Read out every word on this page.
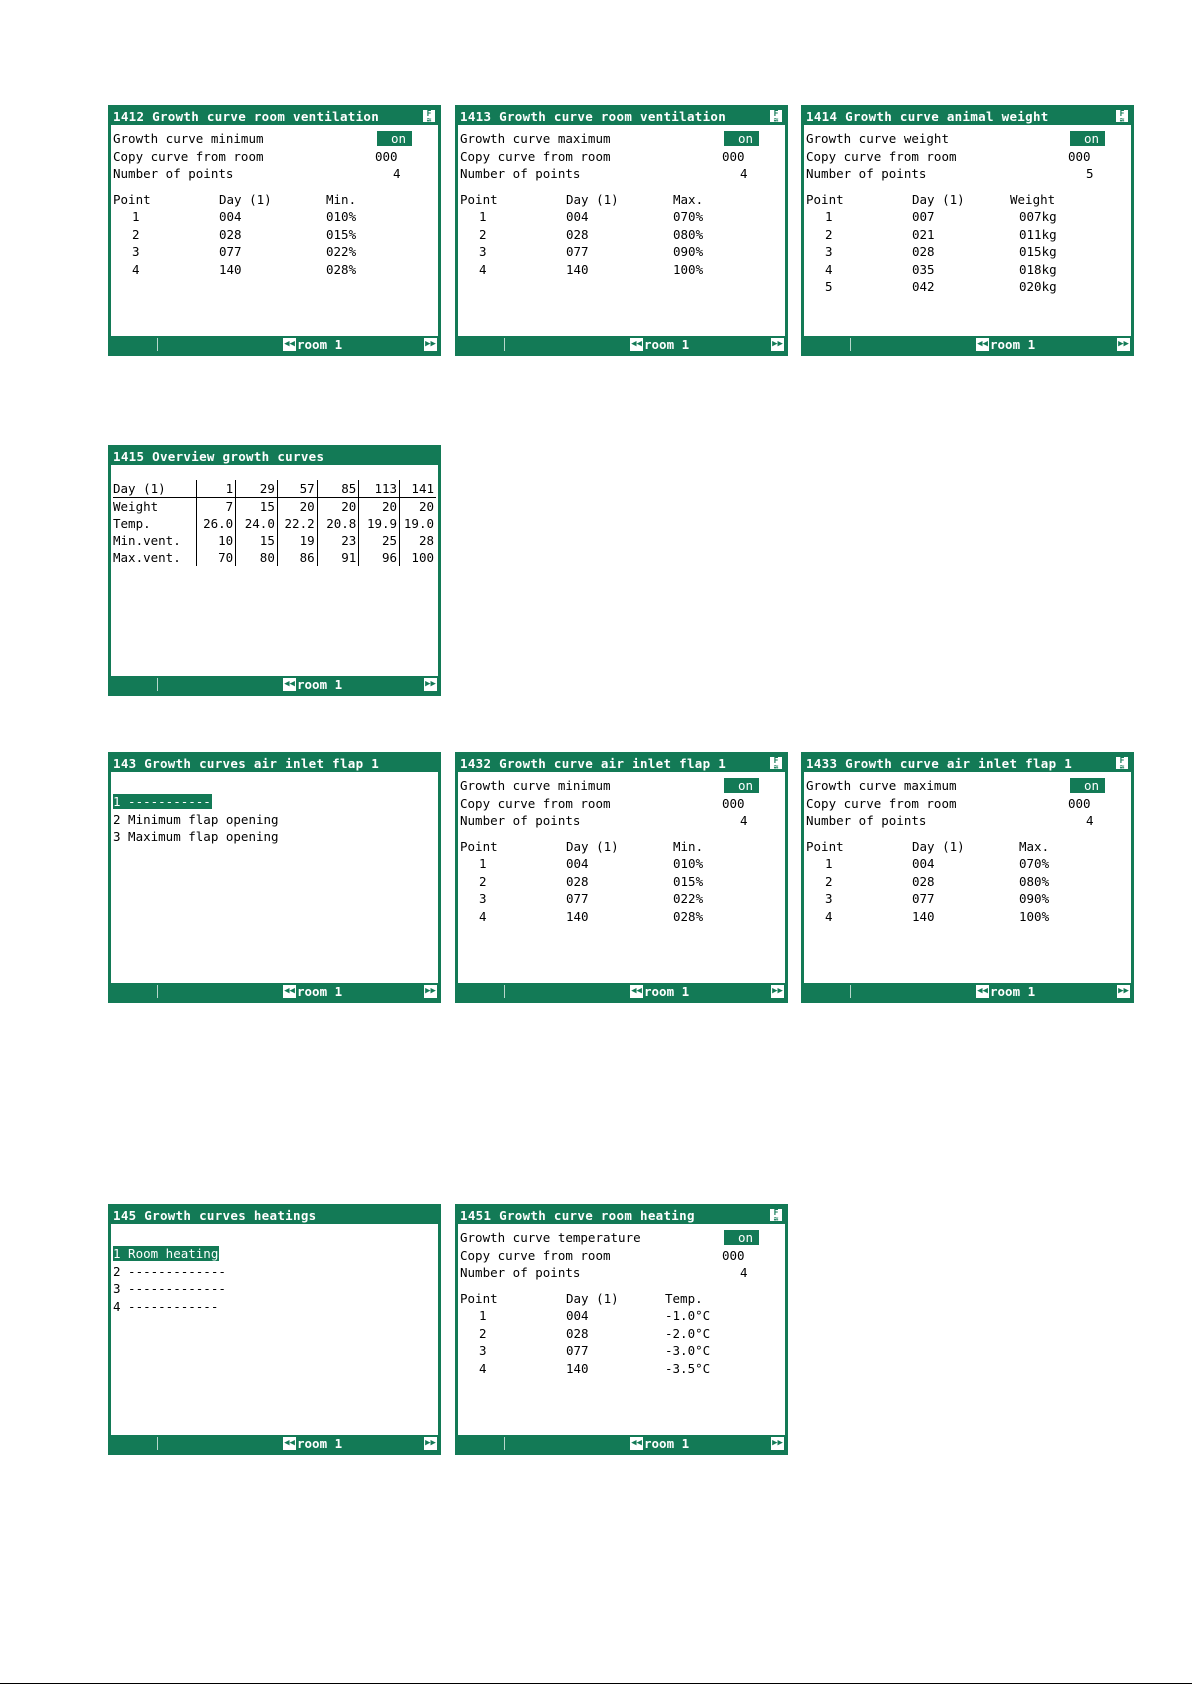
1412 Growth curve room ventilation	F
≋
Growth curve minimum	on
Copy curve from room	000
Number of points	4
Point	Day (1)	Min.
1	004	010%
2	028	015%
3	077	022%
4	140	028%
◀◀ room 1	▶▶
1413 Growth curve room ventilation	F
≋
Growth curve maximum	on
Copy curve from room	000
Number of points	4
Point	Day (1)	Max.
1	004	070%
2	028	080%
3	077	090%
4	140	100%
◀◀ room 1	▶▶
1414 Growth curve animal weight	F
≋
Growth curve weight	on
Copy curve from room	000
Number of points	5
Point	Day (1)	Weight
1	007	007kg
2	021	011kg
3	028	015kg
4	035	018kg
5	042	020kg
◀◀ room 1	▶▶
1415 Overview growth curves
Day (1)	1	29	57	85	113	141
Weight	7	15	20	20	20	20
Temp.	26.0	24.0	22.2	20.8	19.9	19.0
Min.vent.	10	15	19	23	25	28
Max.vent.	70	80	86	91	96	100
◀◀ room 1	▶▶
143 Growth curves air inlet flap 1
1 -----------
2 Minimum flap opening
3 Maximum flap opening
◀◀ room 1	▶▶
1432 Growth curve air inlet flap 1	F
≋
Growth curve minimum	on
Copy curve from room	000
Number of points	4
Point	Day (1)	Min.
1	004	010%
2	028	015%
3	077	022%
4	140	028%
◀◀ room 1	▶▶
1433 Growth curve air inlet flap 1	F
≋
Growth curve maximum	on
Copy curve from room	000
Number of points	4
Point	Day (1)	Max.
1	004	070%
2	028	080%
3	077	090%
4	140	100%
◀◀ room 1	▶▶
145 Growth curves heatings
1 Room heating
2 -------------
3 -------------
4 ------------
◀◀ room 1	▶▶
1451 Growth curve room heating	F
≋
Growth curve temperature	on
Copy curve from room	000
Number of points	4
Point	Day (1)	Temp.
1	004	-1.0°C
2	028	-2.0°C
3	077	-3.0°C
4	140	-3.5°C
◀◀ room 1	▶▶
